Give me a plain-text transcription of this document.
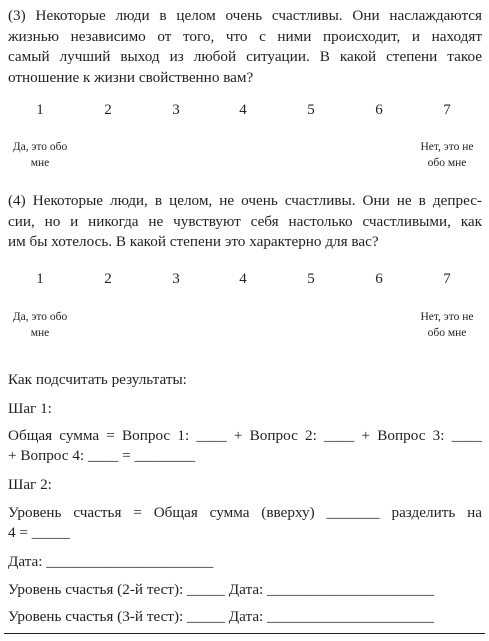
(3) Некоторые люди в целом очень счастливы. Они наслаждаются
жизнью независимо от того, что с ними происходит, и находят
самый лучший выход из любой ситуации. В какой степени такое
отношение к жизни свойственно вам?
1	2	3	4	5	6	7
Да, это обо
мне
Нет, это не
обо мне
(4) Некоторые люди, в целом, не очень счастливы. Они не в депрес-
сии, но и никогда не чувствуют себя настолько счастливыми, как
им бы хотелось. В какой степени это характерно для вас?
1	2	3	4	5	6	7
Да, это обо
мне
Нет, это не
обо мне
Как подсчитать результаты:
Шаг 1:
Общая сумма = Вопрос 1: ____ + Вопрос 2: ____ + Вопрос 3: ____
+ Вопрос 4: ____ = ________
Шаг 2:
Уровень счастья = Общая сумма (вверху) _______ разделить на
4 = _____
Дата: ______________________
Уровень счастья (2-й тест): _____ Дата: ______________________
Уровень счастья (3-й тест): _____ Дата: ______________________
